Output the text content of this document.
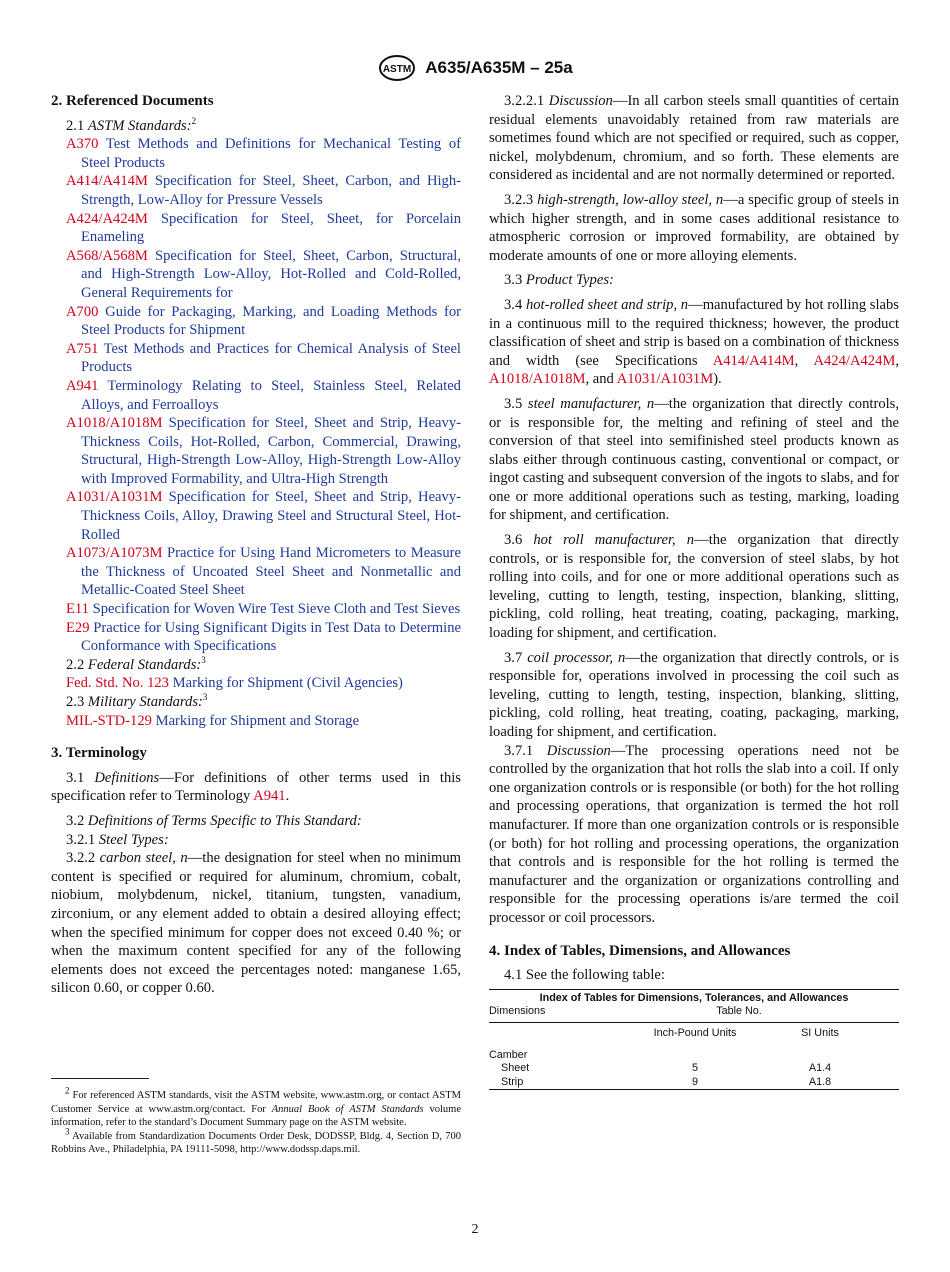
ASTM A635/A635M – 25a

2. Referenced Documents

2.1 ASTM Standards:$^2$

A370 Test Methods and Definitions for Mechanical Testing of Steel Products

A414/A414M Specification for Steel, Sheet, Carbon, and High-Strength, Low-Alloy for Pressure Vessels

A424/A424M Specification for Steel, Sheet, for Porcelain Enameling

A568/A568M Specification for Steel, Sheet, Carbon, Structural, and High-Strength Low-Alloy, Hot-Rolled and Cold-Rolled, General Requirements for

A700 Guide for Packaging, Marking, and Loading Methods for Steel Products for Shipment

A751 Test Methods and Practices for Chemical Analysis of Steel Products

A941 Terminology Relating to Steel, Stainless Steel, Related Alloys, and Ferroalloys

A1018/A1018M Specification for Steel, Sheet and Strip, Heavy-Thickness Coils, Hot-Rolled, Carbon, Commercial, Drawing, Structural, High-Strength Low-Alloy, High-Strength Low-Alloy with Improved Formability, and Ultra-High Strength

A1031/A1031M Specification for Steel, Sheet and Strip, Heavy-Thickness Coils, Alloy, Drawing Steel and Structural Steel, Hot-Rolled

A1073/A1073M Practice for Using Hand Micrometers to Measure the Thickness of Uncoated Steel Sheet and Nonmetallic and Metallic-Coated Steel Sheet

E11 Specification for Woven Wire Test Sieve Cloth and Test Sieves

E29 Practice for Using Significant Digits in Test Data to Determine Conformance with Specifications

2.2 Federal Standards:$^3$

Fed. Std. No. 123 Marking for Shipment (Civil Agencies)

2.3 Military Standards:$^3$

MIL-STD-129 Marking for Shipment and Storage

3. Terminology

3.1 Definitions—For definitions of other terms used in this specification refer to Terminology A941.

3.2 Definitions of Terms Specific to This Standard:

3.2.1 Steel Types:

3.2.2 carbon steel, n—the designation for steel when no minimum content is specified or required for aluminum, chromium, cobalt, niobium, molybdenum, nickel, titanium, tungsten, vanadium, zirconium, or any element added to obtain a desired alloying effect; when the specified minimum for copper does not exceed 0.40 %; or when the maximum content specified for any of the following elements does not exceed the percentages noted: manganese 1.65, silicon 0.60, or copper 0.60.

$^2$ For referenced ASTM standards, visit the ASTM website, www.astm.org, or contact ASTM Customer Service at www.astm.org/contact. For Annual Book of ASTM Standards volume information, refer to the standard’s Document Summary page on the ASTM website.

$^3$ Available from Standardization Documents Order Desk, DODSSP, Bldg. 4, Section D, 700 Robbins Ave., Philadelphia, PA 19111-5098, http://www.dodssp.daps.mil.

3.2.2.1 Discussion—In all carbon steels small quantities of certain residual elements unavoidably retained from raw materials are sometimes found which are not specified or required, such as copper, nickel, molybdenum, chromium, and so forth. These elements are considered as incidental and are not normally determined or reported.

3.2.3 high-strength, low-alloy steel, n—a specific group of steels in which higher strength, and in some cases additional resistance to atmospheric corrosion or improved formability, are obtained by moderate amounts of one or more alloying elements.

3.3 Product Types:

3.4 hot-rolled sheet and strip, n—manufactured by hot rolling slabs in a continuous mill to the required thickness; however, the product classification of sheet and strip is based on a combination of thickness and width (see Specifications A414/A414M, A424/A424M, A1018/A1018M, and A1031/A1031M).

3.5 steel manufacturer, n—the organization that directly controls, or is responsible for, the melting and refining of steel and the conversion of that steel into semifinished steel products known as slabs either through continuous casting, conventional or compact, or ingot casting and subsequent conversion of the ingots to slabs, and for one or more additional operations such as testing, marking, loading for shipment, and certification.

3.6 hot roll manufacturer, n—the organization that directly controls, or is responsible for, the conversion of steel slabs, by hot rolling into coils, and for one or more additional operations such as leveling, cutting to length, testing, inspection, blanking, slitting, pickling, cold rolling, heat treating, coating, packaging, marking, loading for shipment, and certification.

3.7 coil processor, n—the organization that directly controls, or is responsible for, operations involved in processing the coil such as leveling, cutting to length, testing, inspection, blanking, slitting, pickling, cold rolling, heat treating, coating, packaging, marking, loading for shipment, and certification.

3.7.1 Discussion—The processing operations need not be controlled by the organization that hot rolls the slab into a coil. If only one organization controls or is responsible (or both) for the hot rolling and processing operations, that organization is termed the hot roll manufacturer. If more than one organization controls or is responsible (or both) for hot rolling and processing operations, the organization that controls and is responsible for the hot rolling is termed the manufacturer and the organization or organizations controlling and responsible for the processing operations is/are termed the coil processor or coil processors.

4. Index of Tables, Dimensions, and Allowances

4.1 See the following table:

Index of Tables for Dimensions, Tolerances, and Allowances		
Dimensions	Table No.	

	Inch-Pound Units	SI Units
Camber		
Sheet	5	A1.4
Strip	9	A1.8
2
